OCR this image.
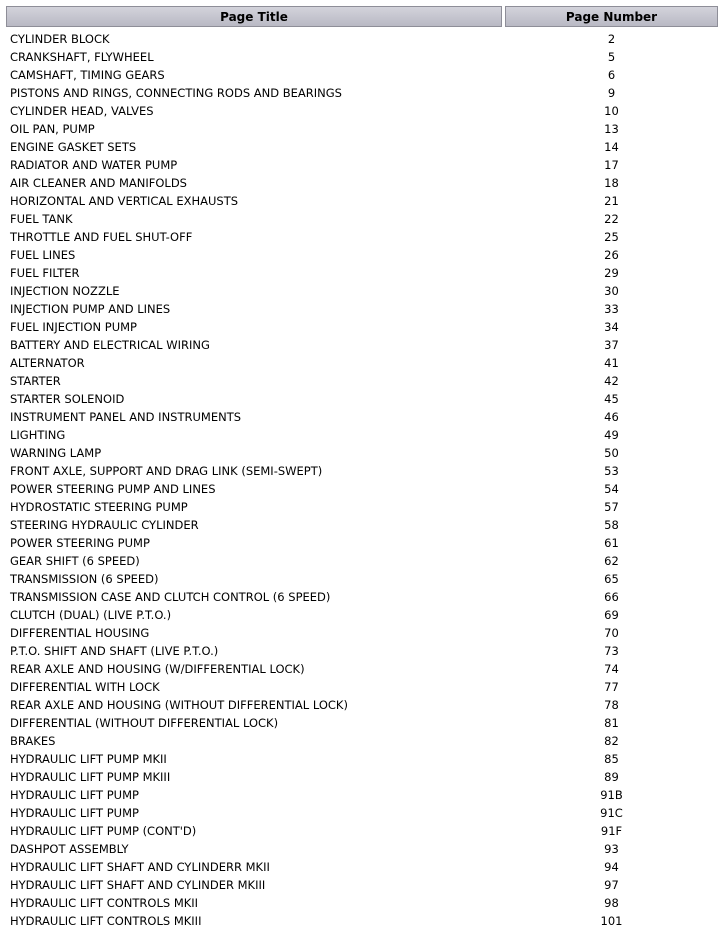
Page Title	Page Number

CYLINDER BLOCK	2
CRANKSHAFT, FLYWHEEL	5
CAMSHAFT, TIMING GEARS	6
PISTONS AND RINGS, CONNECTING RODS AND BEARINGS	9
CYLINDER HEAD, VALVES	10
OIL PAN, PUMP	13
ENGINE GASKET SETS	14
RADIATOR AND WATER PUMP	17
AIR CLEANER AND MANIFOLDS	18
HORIZONTAL AND VERTICAL EXHAUSTS	21
FUEL TANK	22
THROTTLE AND FUEL SHUT-OFF	25
FUEL LINES	26
FUEL FILTER	29
INJECTION NOZZLE	30
INJECTION PUMP AND LINES	33
FUEL INJECTION PUMP	34
BATTERY AND ELECTRICAL WIRING	37
ALTERNATOR	41
STARTER	42
STARTER SOLENOID	45
INSTRUMENT PANEL AND INSTRUMENTS	46
LIGHTING	49
WARNING LAMP	50
FRONT AXLE, SUPPORT AND DRAG LINK (SEMI-SWEPT)	53
POWER STEERING PUMP AND LINES	54
HYDROSTATIC STEERING PUMP	57
STEERING HYDRAULIC CYLINDER	58
POWER STEERING PUMP	61
GEAR SHIFT (6 SPEED)	62
TRANSMISSION (6 SPEED)	65
TRANSMISSION CASE AND CLUTCH CONTROL (6 SPEED)	66
CLUTCH (DUAL) (LIVE P.T.O.)	69
DIFFERENTIAL HOUSING	70
P.T.O. SHIFT AND SHAFT (LIVE P.T.O.)	73
REAR AXLE AND HOUSING (W/DIFFERENTIAL LOCK)	74
DIFFERENTIAL WITH LOCK	77
REAR AXLE AND HOUSING (WITHOUT DIFFERENTIAL LOCK)	78
DIFFERENTIAL (WITHOUT DIFFERENTIAL LOCK)	81
BRAKES	82
HYDRAULIC LIFT PUMP MKII	85
HYDRAULIC LIFT PUMP MKIII	89
HYDRAULIC LIFT PUMP	91B
HYDRAULIC LIFT PUMP	91C
HYDRAULIC LIFT PUMP (CONT'D)	91F
DASHPOT ASSEMBLY	93
HYDRAULIC LIFT SHAFT AND CYLINDERR MKII	94
HYDRAULIC LIFT SHAFT AND CYLINDER MKIII	97
HYDRAULIC LIFT CONTROLS MKII	98
HYDRAULIC LIFT CONTROLS MKIII	101
